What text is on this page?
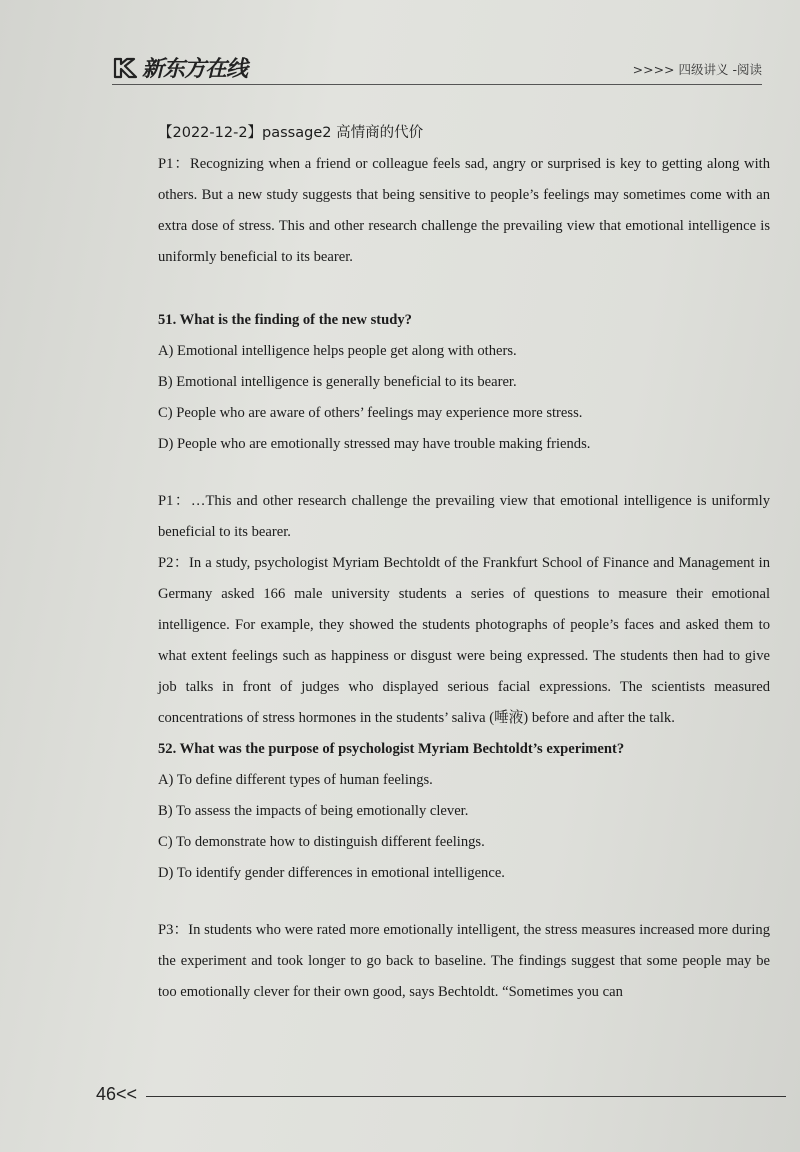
新东方在线	>>>> 四级讲义 -阅读

【2022-12-2】passage2 高情商的代价

P1：Recognizing when a friend or colleague feels sad, angry or surprised is key to getting along with others. But a new study suggests that being sensitive to people’s feelings may sometimes come with an extra dose of stress. This and other research challenge the prevailing view that emotional intelligence is uniformly beneficial to its bearer.

51. What is the finding of the new study?

A) Emotional intelligence helps people get along with others.

B) Emotional intelligence is generally beneficial to its bearer.

C) People who are aware of others’ feelings may experience more stress.

D) People who are emotionally stressed may have trouble making friends.

P1：…This and other research challenge the prevailing view that emotional intelligence is uniformly beneficial to its bearer.

P2：In a study, psychologist Myriam Bechtoldt of the Frankfurt School of Finance and Management in Germany asked 166 male university students a series of questions to measure their emotional intelligence. For example, they showed the students photographs of people’s faces and asked them to what extent feelings such as happiness or disgust were being expressed. The students then had to give job talks in front of judges who displayed serious facial expressions. The scientists measured concentrations of stress hormones in the students’ saliva (唾液) before and after the talk.

52. What was the purpose of psychologist Myriam Bechtoldt’s experiment?

A) To define different types of human feelings.

B) To assess the impacts of being emotionally clever.

C) To demonstrate how to distinguish different feelings.

D) To identify gender differences in emotional intelligence.

P3：In students who were rated more emotionally intelligent, the stress measures increased more during the experiment and took longer to go back to baseline. The findings suggest that some people may be too emotionally clever for their own good, says Bechtoldt. “Sometimes you can

46<<
